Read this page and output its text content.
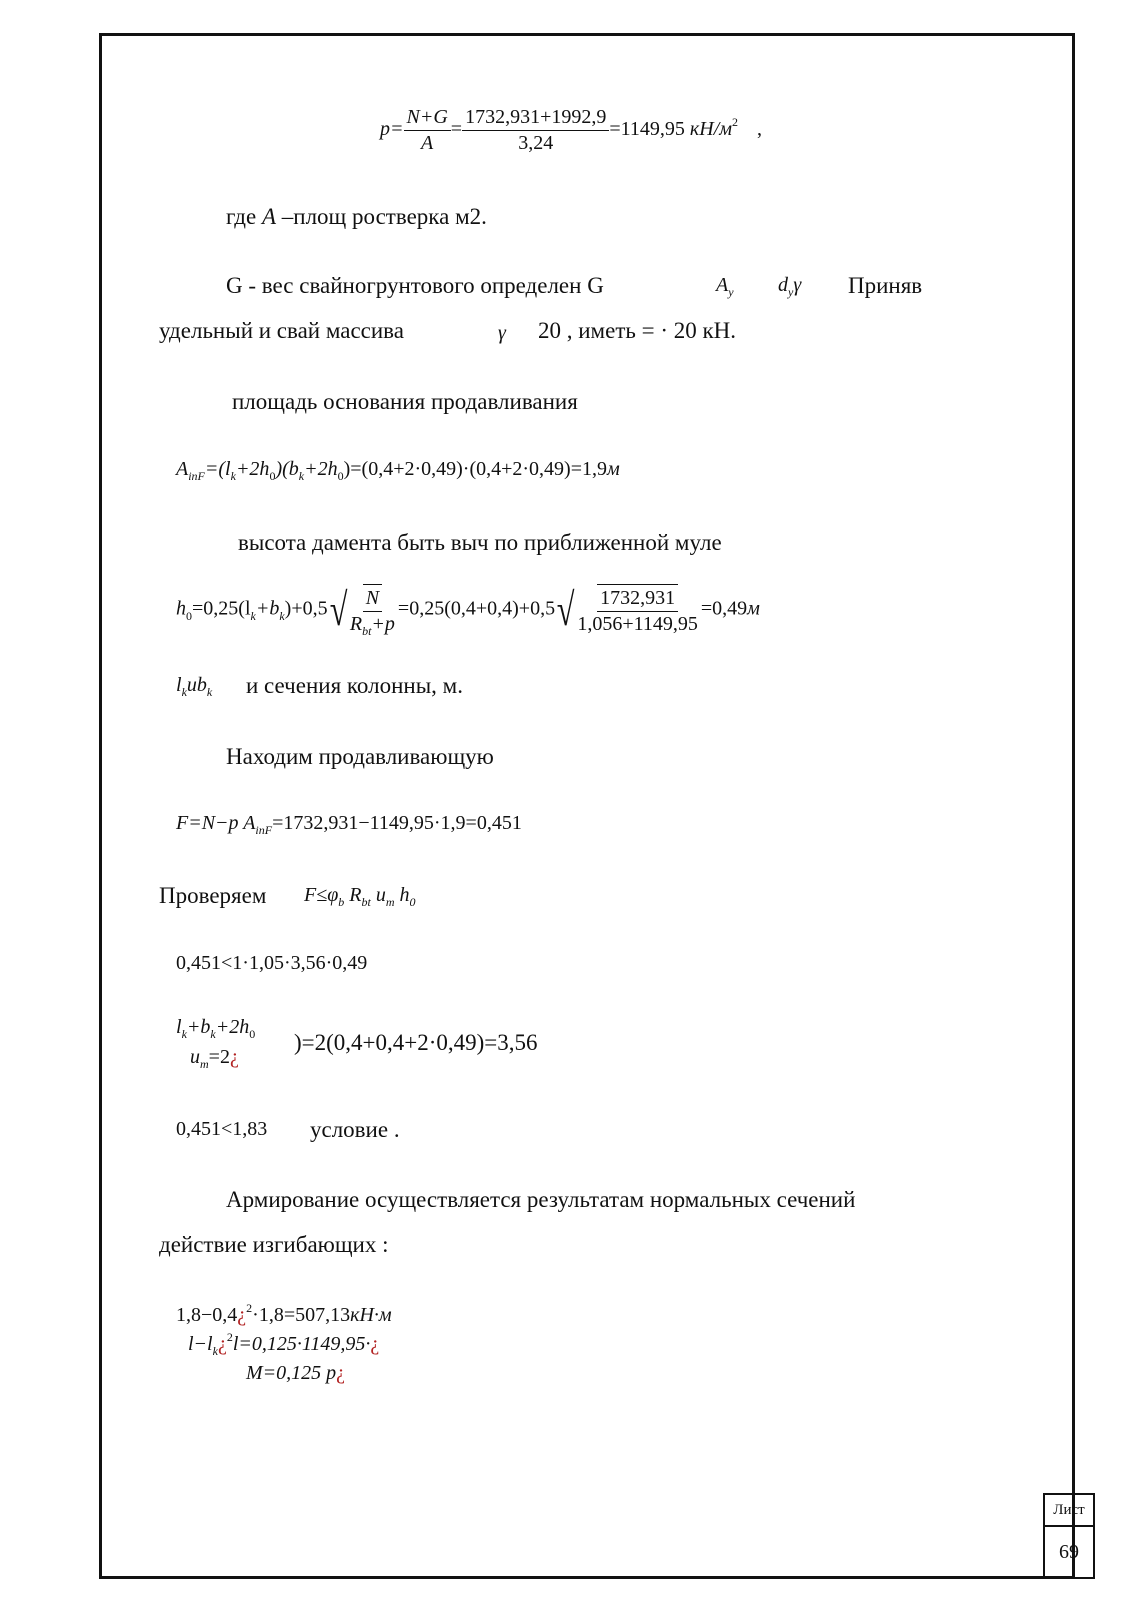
$p= \frac{N+G}{A} = \frac{1732,931+1992,9}{3,24} =1149,95$ $кН/м^2$ ,
где A –площ ростверка м2.
G - вес свайногрунтового определен G	$A_y$ $d_y\gamma$ Приняв
удельный и свай массива	γ 20 , иметь = · 20 кН.
площадь основания продавливания
$A_{inF}=(l_k+2h_0)(b_k+2h_0)=(0,4+2\cdot 0,49)\cdot(0,4+2\cdot 0,49)=1,9м$
высота дамента быть выч по приближенной муле
$h_0=0,25(l_k+b_k)+0,5√ \frac{N}{R_{bt}+p} =0,25(0,4+0,4)+0,5√ \frac{1732,931}{1,056+1149,95} =0,49м$
$l_kub_k$ и сечения колонны, м.
Находим продавливающую
F=N−p $A_{inF}=1732,931-1149,95\cdot 1,9=0,451$
Проверяем $F\le\varphi_b$ $R_{bt}$ $u_m$ $h_0$
0,451<1·1,05·3,56·0,49
$l_k+b_k+2h_0$
$u_m=2¿$
)=2(0,4+0,4+2·0,49)=3,56
0,451<1,83 условие .
Армирование осуществляется результатам нормальных сечений
действие изгибающих :
1,8−0,4¿$^2$·1,8=507,13кН·м
$l-l_k¿^2l=0,125\cdot 1149,95\cdot¿$
M=0,125 p¿
Лист
69
